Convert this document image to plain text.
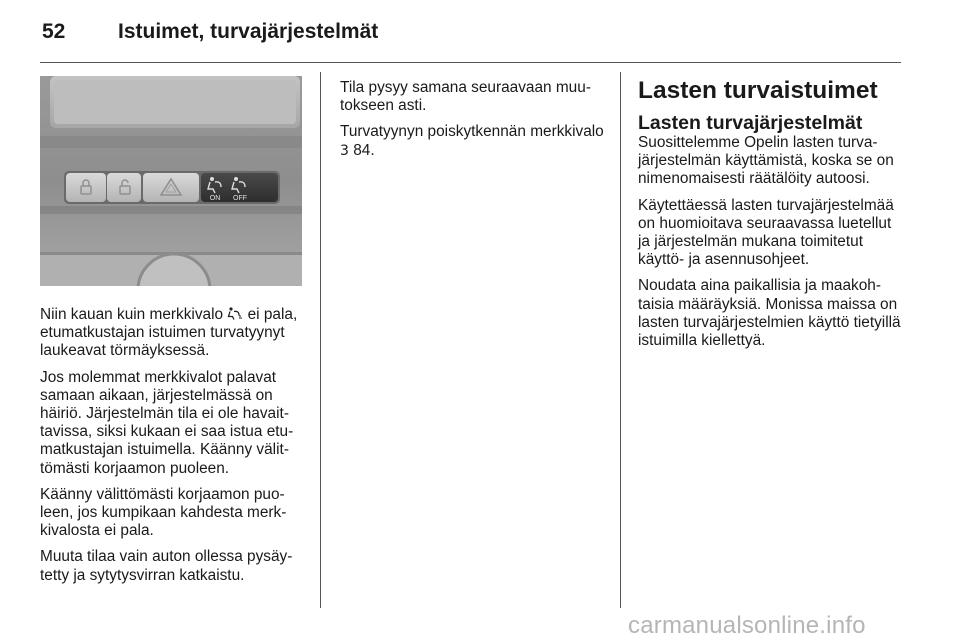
52	Istuimet, turvajärjestelmät
ON OFF

Niin kauan kuin merkkivalo  ei pala, etumatkustajan istuimen turvatyynyt laukeavat törmäyksessä.

Jos molemmat merkkivalot palavat samaan aikaan, järjestelmässä on häiriö. Järjestelmän tila ei ole havaittavissa, siksi kukaan ei saa istua etumatkustajan istuimella. Käänny välittömästi korjaamon puoleen.

Käänny välittömästi korjaamon puoleen, jos kumpikaan kahdesta merkkivalosta ei pala.

Muuta tilaa vain auton ollessa pysäytetty ja sytytysvirran katkaistu.

Tila pysyy samana seuraavaan muutokseen asti.

Turvatyynyn poiskytkennän merkkivalo 3 84.

Lasten turvaistuimet
Lasten turvajärjestelmät

Suosittelemme Opelin lasten turvajärjestelmän käyttämistä, koska se on nimenomaisesti räätälöity autoosi.

Käytettäessä lasten turvajärjestelmää on huomioitava seuraavassa luetellut ja järjestelmän mukana toimitetut käyttö- ja asennusohjeet.

Noudata aina paikallisia ja maakohtaisia määräyksiä. Monissa maissa on lasten turvajärjestelmien käyttö tietyillä istuimilla kiellettyä.

carmanualsonline.info
